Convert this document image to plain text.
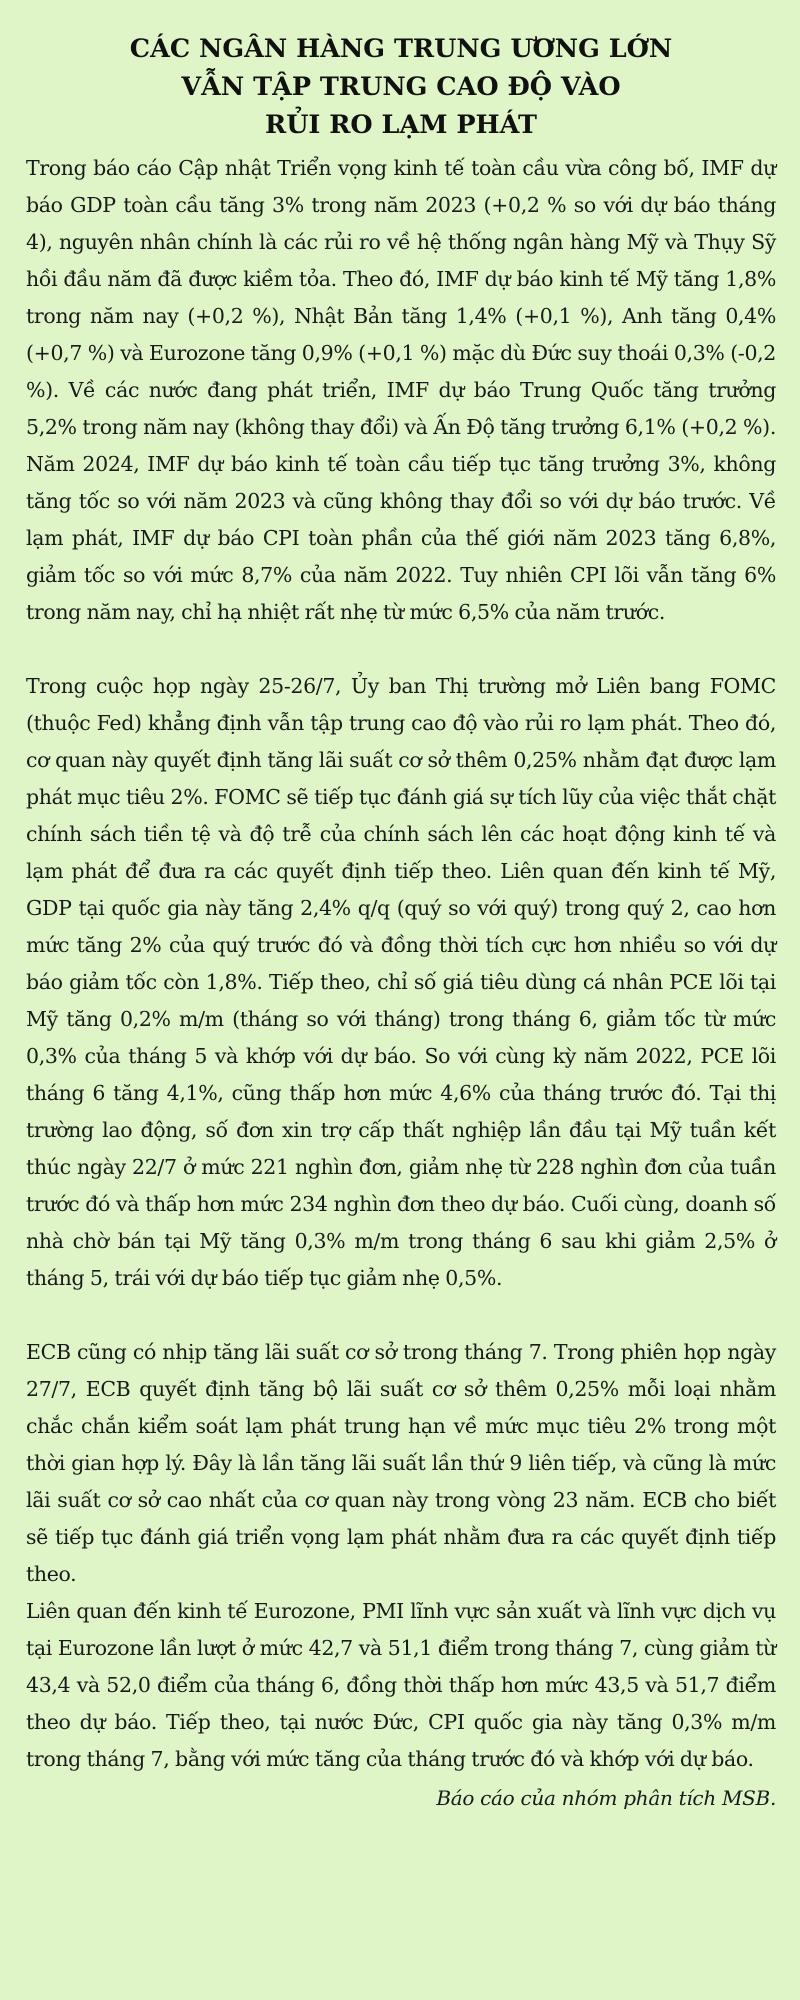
CÁC NGÂN HÀNG TRUNG ƯƠNG LỚN
VẪN TẬP TRUNG CAO ĐỘ VÀO
RỦI RO LẠM PHÁT

Trong báo cáo Cập nhật Triển vọng kinh tế toàn cầu vừa công bố, IMF dự báo GDP toàn cầu tăng 3% trong năm 2023 (+0,2 % so với dự báo tháng 4), nguyên nhân chính là các rủi ro về hệ thống ngân hàng Mỹ và Thụy Sỹ hồi đầu năm đã được kiềm tỏa. Theo đó, IMF dự báo kinh tế Mỹ tăng 1,8% trong năm nay (+0,2 %), Nhật Bản tăng 1,4% (+0,1 %), Anh tăng 0,4% (+0,7 %) và Eurozone tăng 0,9% (+0,1 %) mặc dù Đức suy thoái 0,3% (-0,2 %). Về các nước đang phát triển, IMF dự báo Trung Quốc tăng trưởng 5,2% trong năm nay (không thay đổi) và Ấn Độ tăng trưởng 6,1% (+0,2 %). Năm 2024, IMF dự báo kinh tế toàn cầu tiếp tục tăng trưởng 3%, không tăng tốc so với năm 2023 và cũng không thay đổi so với dự báo trước. Về lạm phát, IMF dự báo CPI toàn phần của thế giới năm 2023 tăng 6,8%, giảm tốc so với mức 8,7% của năm 2022. Tuy nhiên CPI lõi vẫn tăng 6% trong năm nay, chỉ hạ nhiệt rất nhẹ từ mức 6,5% của năm trước.

Trong cuộc họp ngày 25-26/7, Ủy ban Thị trường mở Liên bang FOMC (thuộc Fed) khẳng định vẫn tập trung cao độ vào rủi ro lạm phát. Theo đó, cơ quan này quyết định tăng lãi suất cơ sở thêm 0,25% nhằm đạt được lạm phát mục tiêu 2%. FOMC sẽ tiếp tục đánh giá sự tích lũy của việc thắt chặt chính sách tiền tệ và độ trễ của chính sách lên các hoạt động kinh tế và lạm phát để đưa ra các quyết định tiếp theo. Liên quan đến kinh tế Mỹ, GDP tại quốc gia này tăng 2,4% q/q (quý so với quý) trong quý 2, cao hơn mức tăng 2% của quý trước đó và đồng thời tích cực hơn nhiều so với dự báo giảm tốc còn 1,8%. Tiếp theo, chỉ số giá tiêu dùng cá nhân PCE lõi tại Mỹ tăng 0,2% m/m (tháng so với tháng) trong tháng 6, giảm tốc từ mức 0,3% của tháng 5 và khớp với dự báo. So với cùng kỳ năm 2022, PCE lõi tháng 6 tăng 4,1%, cũng thấp hơn mức 4,6% của tháng trước đó. Tại thị trường lao động, số đơn xin trợ cấp thất nghiệp lần đầu tại Mỹ tuần kết thúc ngày 22/7 ở mức 221 nghìn đơn, giảm nhẹ từ 228 nghìn đơn của tuần trước đó và thấp hơn mức 234 nghìn đơn theo dự báo. Cuối cùng, doanh số nhà chờ bán tại Mỹ tăng 0,3% m/m trong tháng 6 sau khi giảm 2,5% ở tháng 5, trái với dự báo tiếp tục giảm nhẹ 0,5%.

ECB cũng có nhịp tăng lãi suất cơ sở trong tháng 7. Trong phiên họp ngày 27/7, ECB quyết định tăng bộ lãi suất cơ sở thêm 0,25% mỗi loại nhằm chắc chắn kiểm soát lạm phát trung hạn về mức mục tiêu 2% trong một thời gian hợp lý. Đây là lần tăng lãi suất lần thứ 9 liên tiếp, và cũng là mức lãi suất cơ sở cao nhất của cơ quan này trong vòng 23 năm. ECB cho biết sẽ tiếp tục đánh giá triển vọng lạm phát nhằm đưa ra các quyết định tiếp theo.

Liên quan đến kinh tế Eurozone, PMI lĩnh vực sản xuất và lĩnh vực dịch vụ tại Eurozone lần lượt ở mức 42,7 và 51,1 điểm trong tháng 7, cùng giảm từ 43,4 và 52,0 điểm của tháng 6, đồng thời thấp hơn mức 43,5 và 51,7 điểm theo dự báo. Tiếp theo, tại nước Đức, CPI quốc gia này tăng 0,3% m/m trong tháng 7, bằng với mức tăng của tháng trước đó và khớp với dự báo.

Báo cáo của nhóm phân tích MSB.
